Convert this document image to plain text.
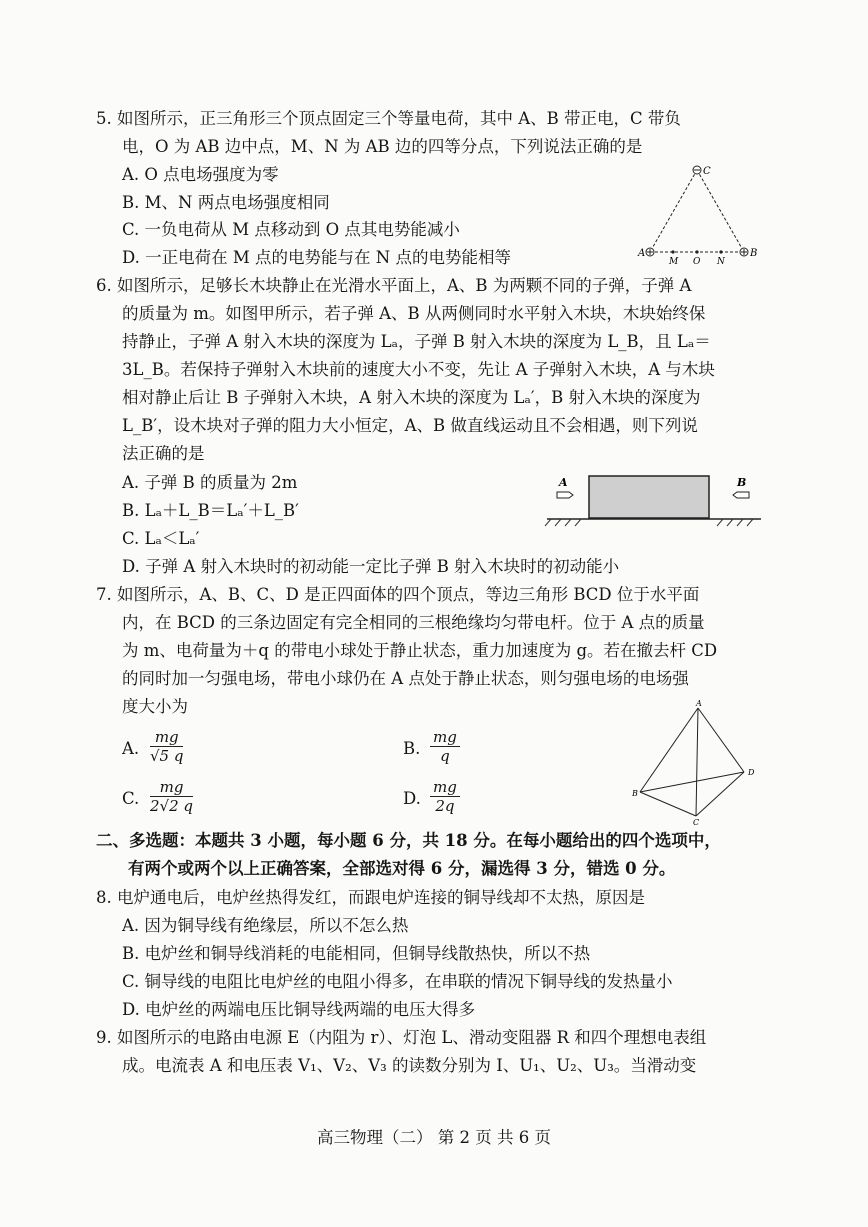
5. 如图所示，正三角形三个顶点固定三个等量电荷，其中 A、B 带正电，C 带负
电，O 为 AB 边中点，M、N 为 AB 边的四等分点，下列说法正确的是
A. O 点电场强度为零
B. M、N 两点电场强度相同
C. 一负电荷从 M 点移动到 O 点其电势能减小
D. 一正电荷在 M 点的电势能与在 N 点的电势能相等
C
A
M O N
B
6. 如图所示，足够长木块静止在光滑水平面上，A、B 为两颗不同的子弹，子弹 A
的质量为 m。如图甲所示，若子弹 A、B 从两侧同时水平射入木块，木块始终保
持静止，子弹 A 射入木块的深度为 Lₐ，子弹 B 射入木块的深度为 L_B，且 Lₐ＝
3L_B。若保持子弹射入木块前的速度大小不变，先让 A 子弹射入木块，A 与木块
相对静止后让 B 子弹射入木块，A 射入木块的深度为 Lₐ′，B 射入木块的深度为
L_B′，设木块对子弹的阻力大小恒定，A、B 做直线运动且不会相遇，则下列说
法正确的是
A. 子弹 B 的质量为 2m
B. Lₐ＋L_B＝Lₐ′＋L_B′
C. Lₐ＜Lₐ′
D. 子弹 A 射入木块时的初动能一定比子弹 B 射入木块时的初动能小
A	B
7. 如图所示，A、B、C、D 是正四面体的四个顶点，等边三角形 BCD 位于水平面
内，在 BCD 的三条边固定有完全相同的三根绝缘均匀带电杆。位于 A 点的质量
为 m、电荷量为＋q 的带电小球处于静止状态，重力加速度为 g。若在撤去杆 CD
的同时加一匀强电场，带电小球仍在 A 点处于静止状态，则匀强电场的电场强
度大小为
A. $\frac{mg}{√5 q}$	B. $\frac{mg}{q}$
C. $\frac{mg}{2√2 q}$	D. $\frac{mg}{2q}$
A
B
C
D
二、多选题：本题共 3 小题，每小题 6 分，共 18 分。在每小题给出的四个选项中，
有两个或两个以上正确答案，全部选对得 6 分，漏选得 3 分，错选 0 分。
8. 电炉通电后，电炉丝热得发红，而跟电炉连接的铜导线却不太热，原因是
A. 因为铜导线有绝缘层，所以不怎么热
B. 电炉丝和铜导线消耗的电能相同，但铜导线散热快，所以不热
C. 铜导线的电阻比电炉丝的电阻小得多，在串联的情况下铜导线的发热量小
D. 电炉丝的两端电压比铜导线两端的电压大得多
9. 如图所示的电路由电源 E（内阻为 r）、灯泡 L、滑动变阻器 R 和四个理想电表组
成。电流表 A 和电压表 V₁、V₂、V₃ 的读数分别为 I、U₁、U₂、U₃。当滑动变
高三物理（二） 第 2 页 共 6 页
